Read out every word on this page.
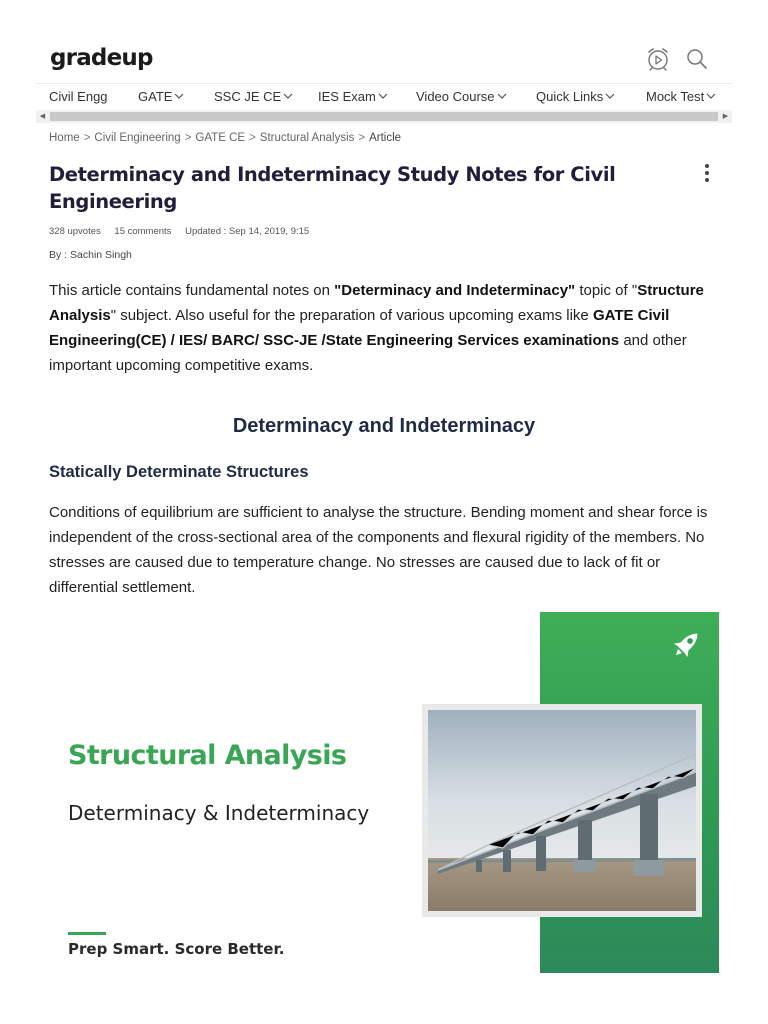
gradeup
Civil Engg GATE	SSC JE CE	IES Exam	Video Course	Quick Links	Mock Test
◀	▶
Home > Civil Engineering > GATE CE > Structural Analysis > Article
Determinacy and Indeterminacy Study Notes for Civil Engineering
328 upvotes 15 comments Updated : Sep 14, 2019, 9:15
By : Sachin Singh

This article contains fundamental notes on "Determinacy and Indeterminacy" topic of "Structure Analysis" subject. Also useful for the preparation of various upcoming exams like GATE Civil Engineering(CE) / IES/ BARC/ SSC-JE /State Engineering Services examinations and other important upcoming competitive exams.

Determinacy and Indeterminacy
Statically Determinate Structures

Conditions of equilibrium are sufficient to analyse the structure. Bending moment and shear force is independent of the cross-sectional area of the components and flexural rigidity of the members. No stresses are caused due to temperature change. No stresses are caused due to lack of fit or differential settlement.

Structural Analysis
Determinacy & Indeterminacy
Prep Smart. Score Better.
